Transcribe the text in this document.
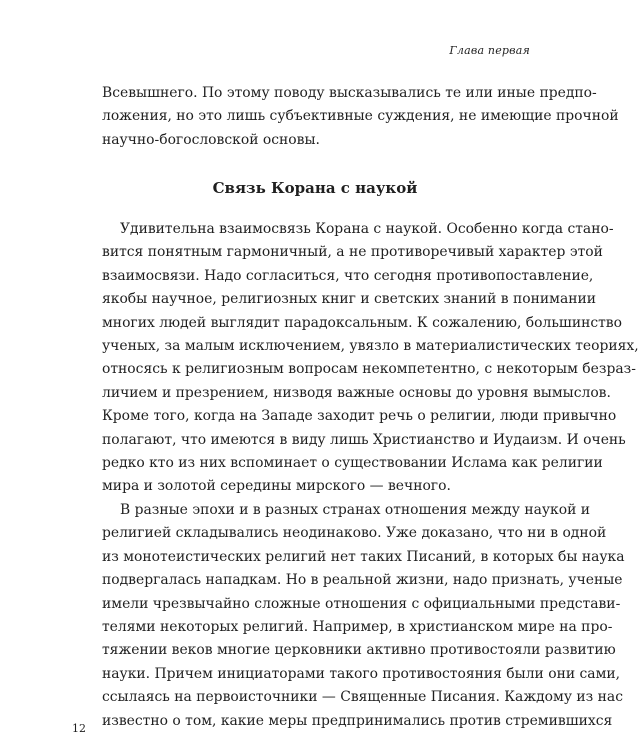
Глава первая
Всевышнего. По этому поводу высказывались те или иные предпо-
ложения, но это лишь субъективные суждения, не имеющие прочной
научно-богословской основы.
Связь Корана с наукой
Удивительна взаимосвязь Корана с наукой. Особенно когда стано-
вится понятным гармоничный, а не противоречивый характер этой
взаимосвязи. Надо согласиться, что сегодня противопоставление,
якобы научное, религиозных книг и светских знаний в понимании
многих людей выглядит парадоксальным. К сожалению, большинство
ученых, за малым исключением, увязло в материалистических теориях,
относясь к религиозным вопросам некомпетентно, с некоторым безраз-
личием и презрением, низводя важные основы до уровня вымыслов.
Кроме того, когда на Западе заходит речь о религии, люди привычно
полагают, что имеются в виду лишь Христианство и Иудаизм. И очень
редко кто из них вспоминает о существовании Ислама как религии
мира и золотой середины мирского — вечного.
В разные эпохи и в разных странах отношения между наукой и
религией складывались неодинаково. Уже доказано, что ни в одной
из монотеистических религий нет таких Писаний, в которых бы наука
подвергалась нападкам. Но в реальной жизни, надо признать, ученые
имели чрезвычайно сложные отношения с официальными представи-
телями некоторых религий. Например, в христианском мире на про-
тяжении веков многие церковники активно противостояли развитию
науки. Причем инициаторами такого противостояния были они сами,
ссылаясь на первоисточники — Священные Писания. Каждому из нас
известно о том, какие меры предпринимались против стремившихся
12
